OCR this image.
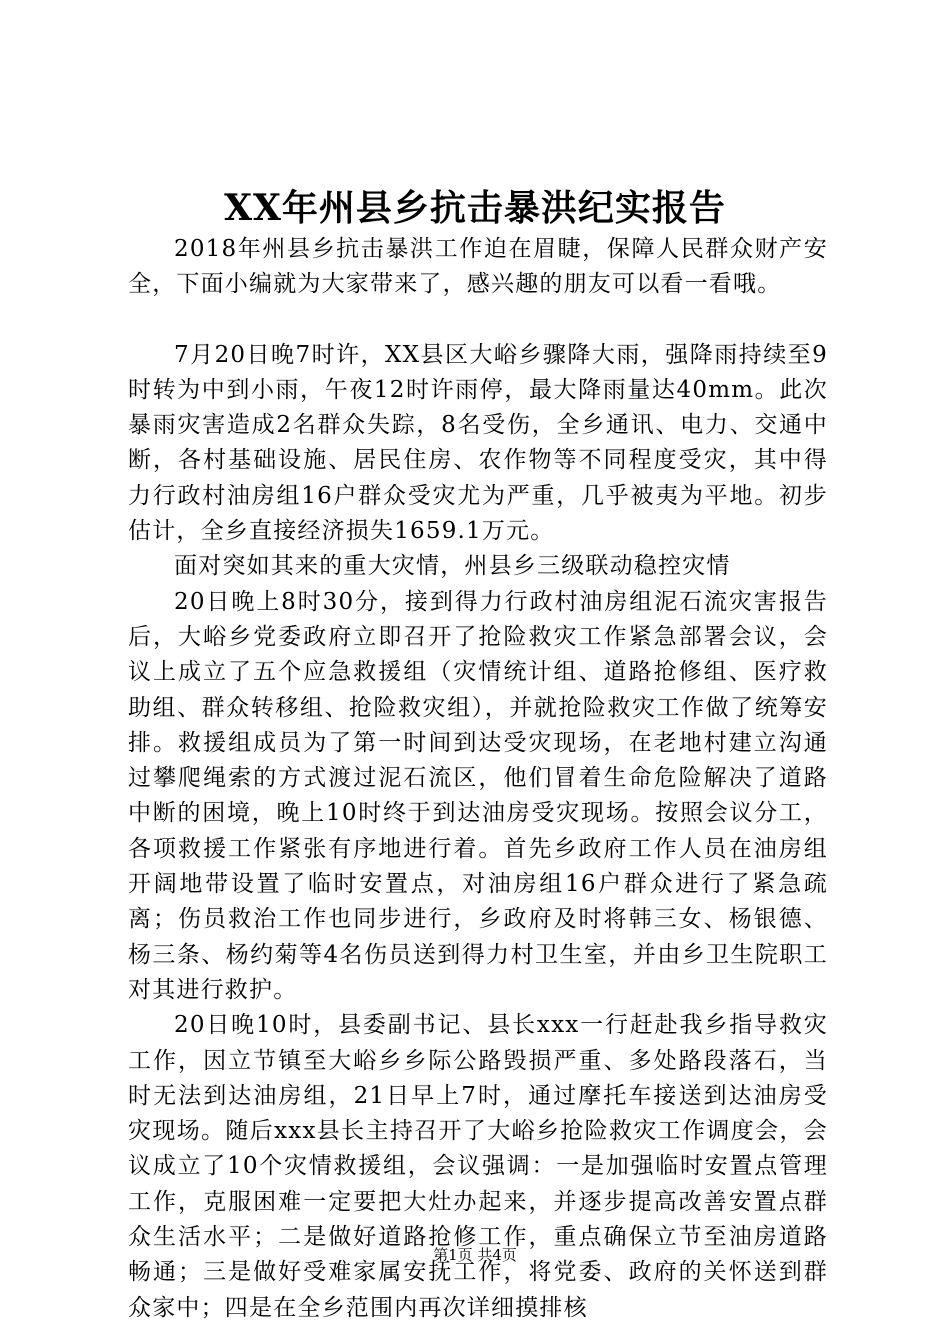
XX年州县乡抗击暴洪纪实报告

2018年州县乡抗击暴洪工作迫在眉睫，保障人民群众财产安全，下面小编就为大家带来了，感兴趣的朋友可以看一看哦。

7月20日晚7时许，XX县区大峪乡骤降大雨，强降雨持续至9时转为中到小雨，午夜12时许雨停，最大降雨量达40mm。此次暴雨灾害造成2名群众失踪，8名受伤，全乡通讯、电力、交通中断，各村基础设施、居民住房、农作物等不同程度受灾，其中得力行政村油房组16户群众受灾尤为严重，几乎被夷为平地。初步估计，全乡直接经济损失1659.1万元。

面对突如其来的重大灾情，州县乡三级联动稳控灾情

20日晚上8时30分，接到得力行政村油房组泥石流灾害报告后，大峪乡党委政府立即召开了抢险救灾工作紧急部署会议，会议上成立了五个应急救援组（灾情统计组、道路抢修组、医疗救助组、群众转移组、抢险救灾组），并就抢险救灾工作做了统筹安排。救援组成员为了第一时间到达受灾现场，在老地村建立沟通过攀爬绳索的方式渡过泥石流区，他们冒着生命危险解决了道路中断的困境，晚上10时终于到达油房受灾现场。按照会议分工，各项救援工作紧张有序地进行着。首先乡政府工作人员在油房组开阔地带设置了临时安置点，对油房组16户群众进行了紧急疏离；伤员救治工作也同步进行，乡政府及时将韩三女、杨银德、杨三条、杨约菊等4名伤员送到得力村卫生室，并由乡卫生院职工对其进行救护。

20日晚10时，县委副书记、县长xxx一行赶赴我乡指导救灾工作，因立节镇至大峪乡乡际公路毁损严重、多处路段落石，当时无法到达油房组，21日早上7时，通过摩托车接送到达油房受灾现场。随后xxx县长主持召开了大峪乡抢险救灾工作调度会，会议成立了10个灾情救援组，会议强调：一是加强临时安置点管理工作，克服困难一定要把大灶办起来，并逐步提高改善安置点群众生活水平；二是做好道路抢修工作，重点确保立节至油房道路畅通；三是做好受难家属安抚工作，将党委、政府的关怀送到群众家中；四是在全乡范围内再次详细摸排核

第1页 共4页
